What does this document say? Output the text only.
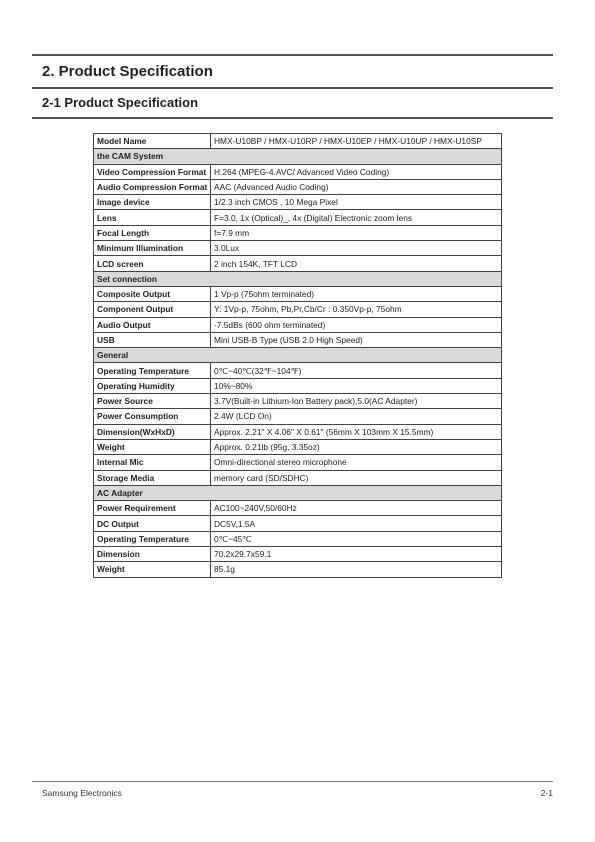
2. Product Specification
2-1 Product Specification
Model Name	HMX-U10BP / HMX-U10RP / HMX-U10EP / HMX-U10UP / HMX-U10SP
the CAM System	
Video Compression Format	H.264 (MPEG-4.AVC/ Advanced Video Coding)
Audio Compression Format	AAC (Advanced Audio Coding)
Image device	1/2.3 inch CMOS , 10 Mega Pixel
Lens	F=3.0, 1x (Optical)_, 4x (Digital) Electronic zoom lens
Focal Length	f=7.9 mm
Minimum Illumination	3.0Lux
LCD screen	2 inch 154K, TFT LCD
Set connection	
Composite Output	1 Vp-p (75ohm terminated)
Component Output	Y: 1Vp-p, 75ohm, Pb,Pr,Cb/Cr : 0.350Vp-p, 75ohm
Audio Output	-7.5dBs (600 ohm terminated)
USB	Mini USB-B Type (USB 2.0 High Speed)
General	
Operating Temperature	0℃~40℃(32℉~104℉)
Operating Humidity	10%~80%
Power Source	3.7V(Built-in Lithium-Ion Battery pack),5.0(AC Adapter)
Power Consumption	2.4W (LCD On)
Dimension(WxHxD)	Approx. 2.21" X 4.06" X 0.61" (56mm X 103mm X 15.5mm)
Weight	Approx. 0.21lb (95g, 3.35oz)
Internal Mic	Omni-directional stereo microphone
Storage Media	memory card (SD/SDHC)
AC Adapter	
Power Requirement	AC100~240V,50/60Hz
DC Output	DC5V,1.5A
Operating Temperature	0℃~45℃
Dimension	70.2x29.7x59.1
Weight	85.1g
Samsung Electronics	2-1
